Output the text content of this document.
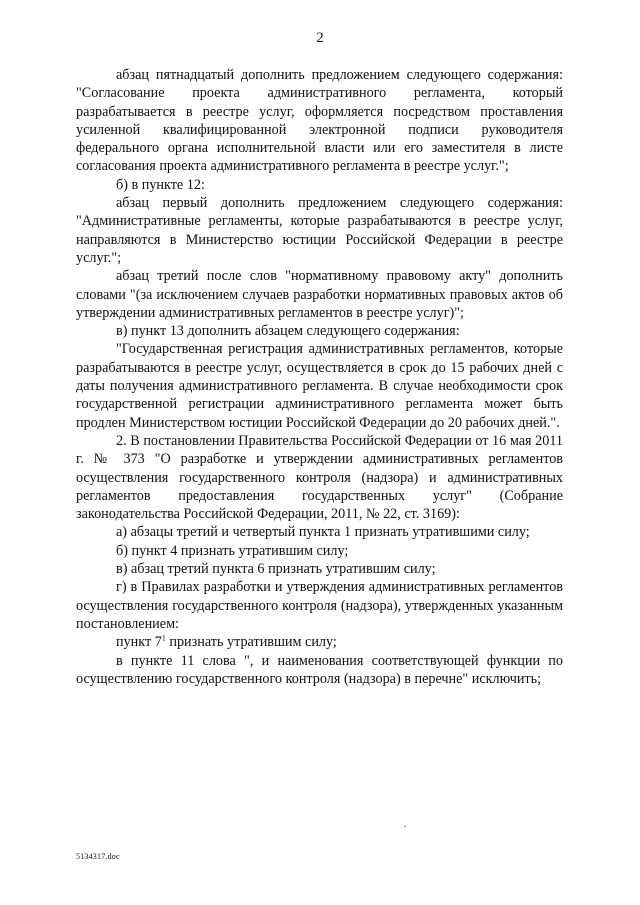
2

абзац пятнадцатый дополнить предложением следующего содержания: "Согласование проекта административного регламента, который разрабатывается в реестре услуг, оформляется посредством проставления усиленной квалифицированной электронной подписи руководителя федерального органа исполнительной власти или его заместителя в листе согласования проекта административного регламента в реестре услуг.";

б) в пункте 12:

абзац первый дополнить предложением следующего содержания: "Административные регламенты, которые разрабатываются в реестре услуг, направляются в Министерство юстиции Российской Федерации в реестре услуг.";

абзац третий после слов "нормативному правовому акту" дополнить словами "(за исключением случаев разработки нормативных правовых актов об утверждении административных регламентов в реестре услуг)";

в) пункт 13 дополнить абзацем следующего содержания:

"Государственная регистрация административных регламентов, которые разрабатываются в реестре услуг, осуществляется в срок до 15 рабочих дней с даты получения административного регламента. В случае необходимости срок государственной регистрации административного регламента может быть продлен Министерством юстиции Российской Федерации до 20 рабочих дней.".

2. В постановлении Правительства Российской Федерации от 16 мая 2011 г. № 373 "О разработке и утверждении административных регламентов осуществления государственного контроля (надзора) и административных регламентов предоставления государственных услуг" (Собрание законодательства Российской Федерации, 2011, № 22, ст. 3169):

а) абзацы третий и четвертый пункта 1 признать утратившими силу;

б) пункт 4 признать утратившим силу;

в) абзац третий пункта 6 признать утратившим силу;

г) в Правилах разработки и утверждения административных регламентов осуществления государственного контроля (надзора), утвержденных указанным постановлением:

пункт $7^1$ признать утратившим силу;

в пункте 11 слова ", и наименования соответствующей функции по осуществлению государственного контроля (надзора) в перечне" исключить;

5134317.doc
